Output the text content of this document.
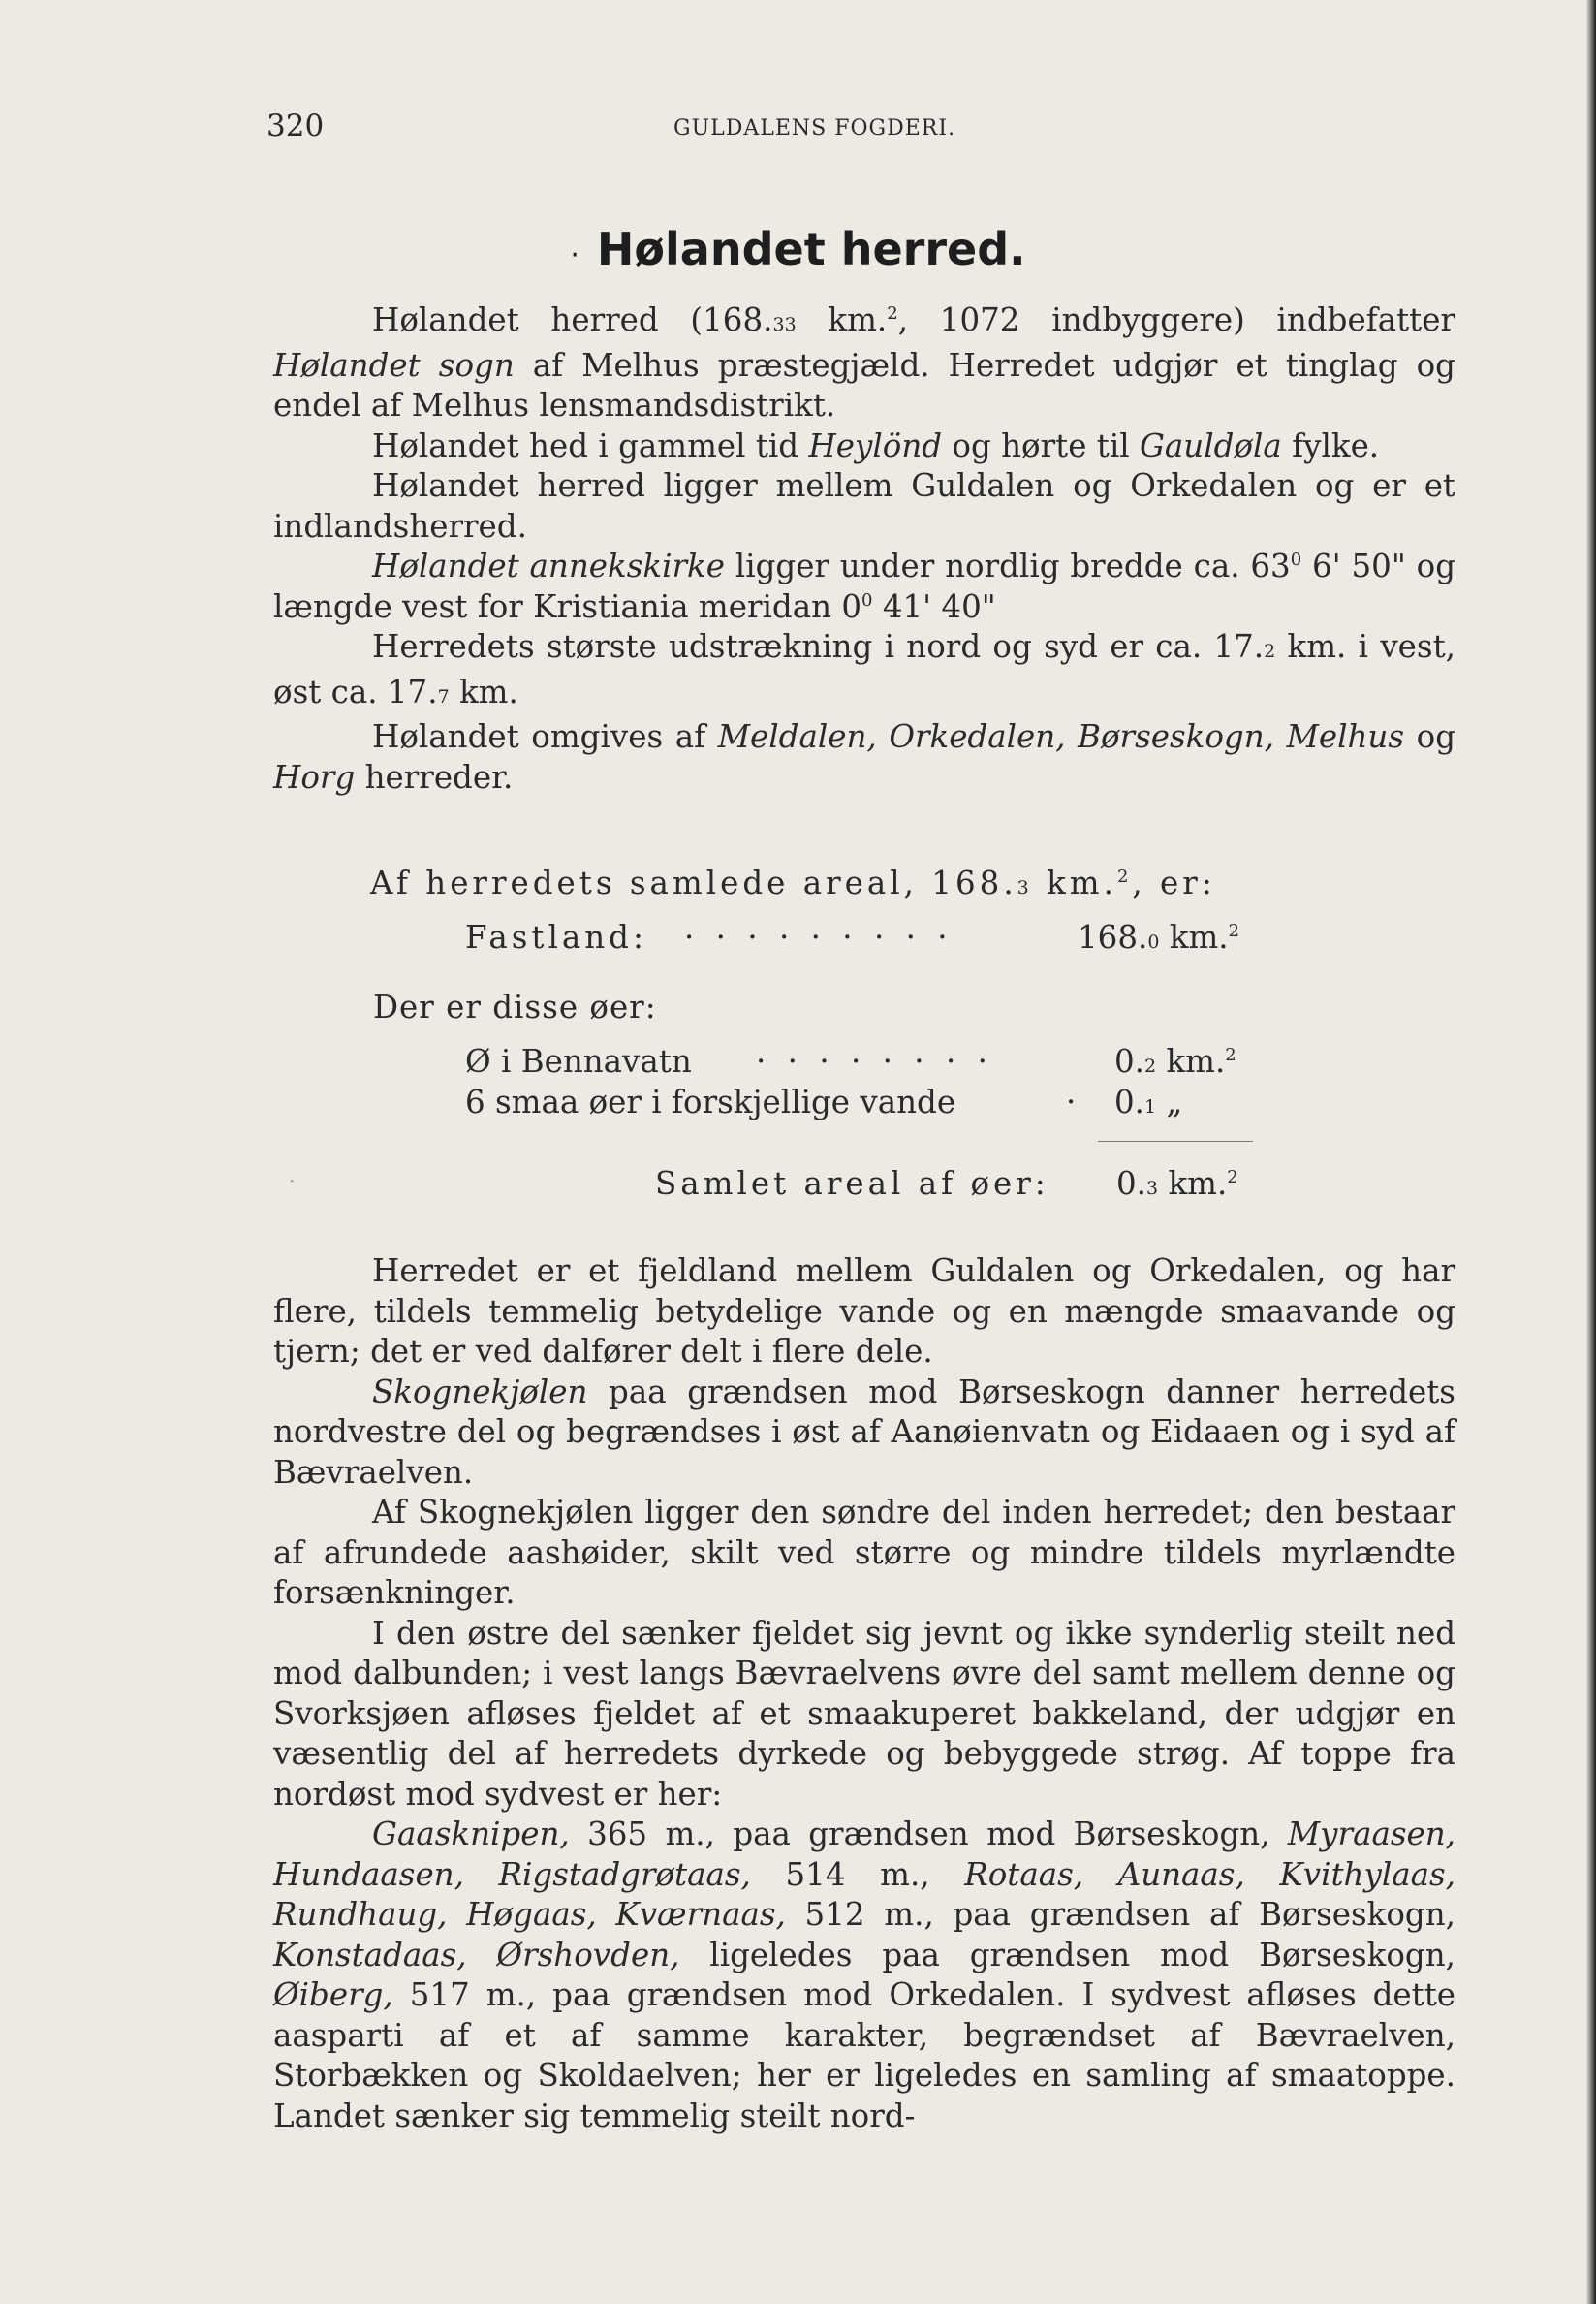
320	GULDALENS FOGDERI.
· Hølandet herred.

Hølandet herred (168.33 km.$^2$, 1072 indbyggere) indbefatter Hølandet sogn af Melhus præstegjæld. Herredet udgjør et tinglag og endel af Melhus lensmandsdistrikt.

Hølandet hed i gammel tid Heylönd og hørte til Gauldøla fylke.

Hølandet herred ligger mellem Guldalen og Orkedalen og er et indlandsherred.

Hølandet annekskirke ligger under nordlig bredde ca. $63^0$ 6' 50" og længde vest for Kristiania meridan $0^0$ 41' 40"

Herredets største udstrækning i nord og syd er ca. 17.2 km. i vest, øst ca. 17.7 km.

Hølandet omgives af Meldalen, Orkedalen, Børseskogn, Melhus og Horg herreder.

Af herredets samlede areal, 168.3 km.$^2$, er:
Fastland: · · · · · · · · ·	168.0 km.$^2$
Der er disse øer:
Ø i Bennavatn · · · · · · · ·	0.2 km.$^2$
6 smaa øer i forskjellige vande	· 0.1 „
Samlet areal af øer: 0.3 km.$^2$
·

Herredet er et fjeldland mellem Guldalen og Orkedalen, og har flere, tildels temmelig betydelige vande og en mængde smaavande og tjern; det er ved dalfører delt i flere dele.

Skognekjølen paa grændsen mod Børseskogn danner herredets nordvestre del og begrændses i øst af Aanøienvatn og Eidaaen og i syd af Bævraelven.

Af Skognekjølen ligger den søndre del inden herredet; den bestaar af afrundede aashøider, skilt ved større og mindre tildels myrlændte forsænkninger.

I den østre del sænker fjeldet sig jevnt og ikke synderlig steilt ned mod dalbunden; i vest langs Bævraelvens øvre del samt mellem denne og Svorksjøen afløses fjeldet af et smaakuperet bakkeland, der udgjør en væsentlig del af herredets dyrkede og bebyggede strøg. Af toppe fra nordøst mod sydvest er her:

Gaasknipen, 365 m., paa grændsen mod Børseskogn, Myraasen, Hundaasen, Rigstadgrøtaas, 514 m., Rotaas, Aunaas, Kvithylaas, Rundhaug, Høgaas, Kværnaas, 512 m., paa grændsen af Børseskogn, Konstadaas, Ørshovden, ligeledes paa grændsen mod Børseskogn, Øiberg, 517 m., paa grændsen mod Orkedalen. I sydvest afløses dette aasparti af et af samme karakter, begrændset af Bævraelven, Storbækken og Skoldaelven; her er ligeledes en samling af smaatoppe. Landet sænker sig temmelig steilt nord-
